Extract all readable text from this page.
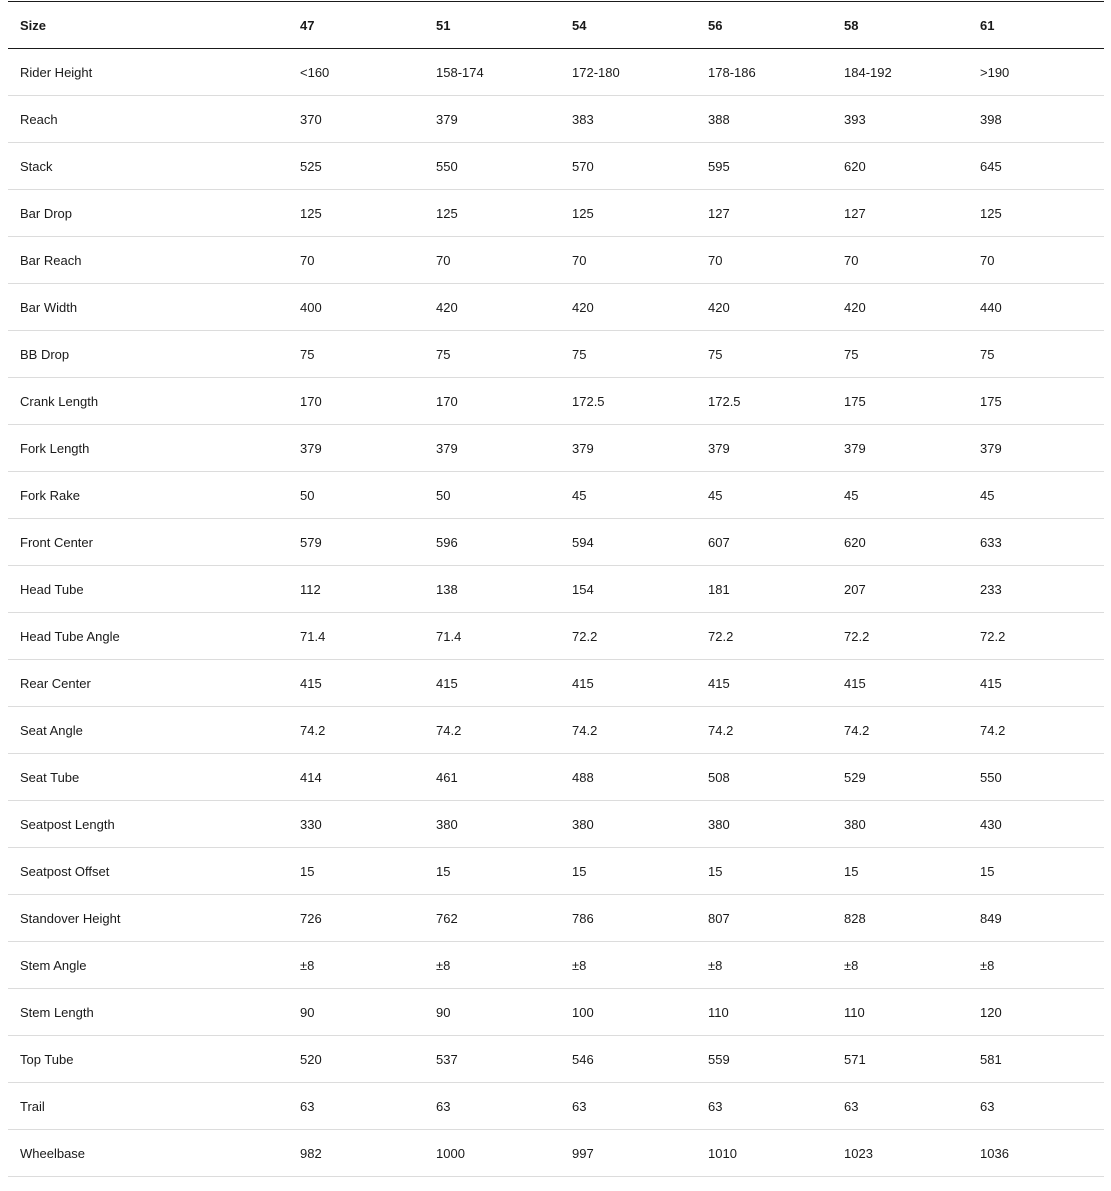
Size	47	51	54	56	58	61
Rider Height	<160	158-174	172-180	178-186	184-192	>190
Reach	370	379	383	388	393	398
Stack	525	550	570	595	620	645
Bar Drop	125	125	125	127	127	125
Bar Reach	70	70	70	70	70	70
Bar Width	400	420	420	420	420	440
BB Drop	75	75	75	75	75	75
Crank Length	170	170	172.5	172.5	175	175
Fork Length	379	379	379	379	379	379
Fork Rake	50	50	45	45	45	45
Front Center	579	596	594	607	620	633
Head Tube	112	138	154	181	207	233
Head Tube Angle	71.4	71.4	72.2	72.2	72.2	72.2
Rear Center	415	415	415	415	415	415
Seat Angle	74.2	74.2	74.2	74.2	74.2	74.2
Seat Tube	414	461	488	508	529	550
Seatpost Length	330	380	380	380	380	430
Seatpost Offset	15	15	15	15	15	15
Standover Height	726	762	786	807	828	849
Stem Angle	±8	±8	±8	±8	±8	±8
Stem Length	90	90	100	110	110	120
Top Tube	520	537	546	559	571	581
Trail	63	63	63	63	63	63
Wheelbase	982	1000	997	1010	1023	1036
